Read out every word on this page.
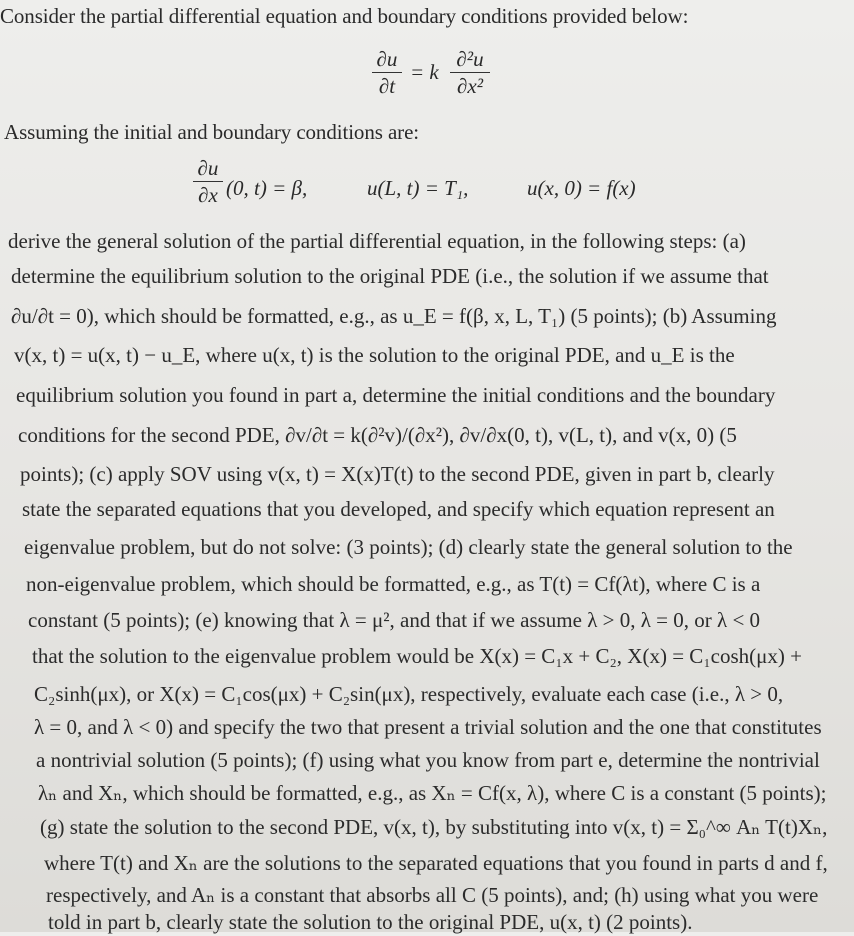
Consider the partial differential equation and boundary conditions provided below:
∂u
∂t
= k
∂²u
∂x²
Assuming the initial and boundary conditions are:
∂u
∂x (0, t) = β,	u(L, t) = T₁,	u(x, 0) = f(x)
derive the general solution of the partial differential equation, in the following steps: (a)
determine the equilibrium solution to the original PDE (i.e., the solution if we assume that
∂u/∂t = 0), which should be formatted, e.g., as u_E = f(β, x, L, T₁) (5 points); (b) Assuming
v(x, t) = u(x, t) − u_E, where u(x, t) is the solution to the original PDE, and u_E is the
equilibrium solution you found in part a, determine the initial conditions and the boundary
conditions for the second PDE, ∂v/∂t = k(∂²v)/(∂x²), ∂v/∂x(0, t), v(L, t), and v(x, 0) (5
points); (c) apply SOV using v(x, t) = X(x)T(t) to the second PDE, given in part b, clearly
state the separated equations that you developed, and specify which equation represent an
eigenvalue problem, but do not solve: (3 points); (d) clearly state the general solution to the
non-eigenvalue problem, which should be formatted, e.g., as T(t) = Cf(λt), where C is a
constant (5 points); (e) knowing that λ = μ², and that if we assume λ > 0, λ = 0, or λ < 0
that the solution to the eigenvalue problem would be X(x) = C₁x + C₂, X(x) = C₁cosh(μx) +
C₂sinh(μx), or X(x) = C₁cos(μx) + C₂sin(μx), respectively, evaluate each case (i.e., λ > 0,
λ = 0, and λ < 0) and specify the two that present a trivial solution and the one that constitutes
a nontrivial solution (5 points); (f) using what you know from part e, determine the nontrivial
λₙ and Xₙ, which should be formatted, e.g., as Xₙ = Cf(x, λ), where C is a constant (5 points);
(g) state the solution to the second PDE, v(x, t), by substituting into v(x, t) = Σ₀^∞ Aₙ T(t)Xₙ,
where T(t) and Xₙ are the solutions to the separated equations that you found in parts d and f,
respectively, and Aₙ is a constant that absorbs all C (5 points), and; (h) using what you were
told in part b, clearly state the solution to the original PDE, u(x, t) (2 points).
